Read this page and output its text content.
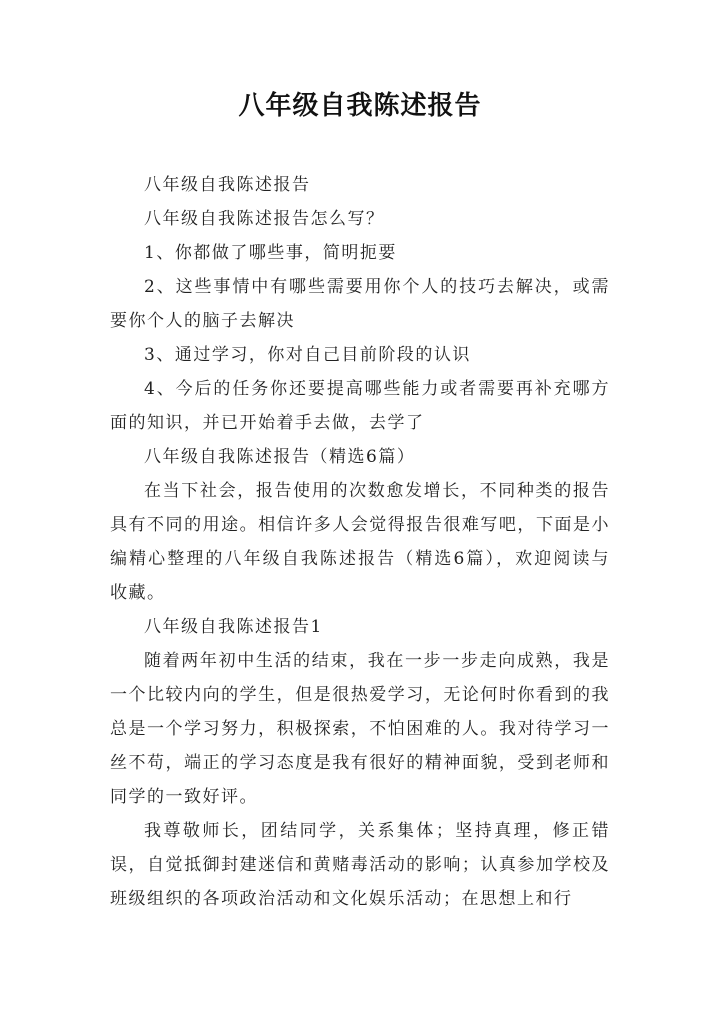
八年级自我陈述报告

八年级自我陈述报告

八年级自我陈述报告怎么写？

1、你都做了哪些事，简明扼要

2、这些事情中有哪些需要用你个人的技巧去解决，或需要你个人的脑子去解决

3、通过学习，你对自己目前阶段的认识

4、今后的任务你还要提高哪些能力或者需要再补充哪方面的知识，并已开始着手去做，去学了

八年级自我陈述报告（精选6篇）

在当下社会，报告使用的次数愈发增长，不同种类的报告具有不同的用途。相信许多人会觉得报告很难写吧，下面是小编精心整理的八年级自我陈述报告（精选6篇），欢迎阅读与收藏。

八年级自我陈述报告1

随着两年初中生活的结束，我在一步一步走向成熟，我是一个比较内向的学生，但是很热爱学习，无论何时你看到的我总是一个学习努力，积极探索，不怕困难的人。我对待学习一丝不苟，端正的学习态度是我有很好的精神面貌，受到老师和同学的一致好评。

我尊敬师长，团结同学，关系集体；坚持真理，修正错误，自觉抵御封建迷信和黄赌毒活动的影响；认真参加学校及班级组织的各项政治活动和文化娱乐活动；在思想上和行
